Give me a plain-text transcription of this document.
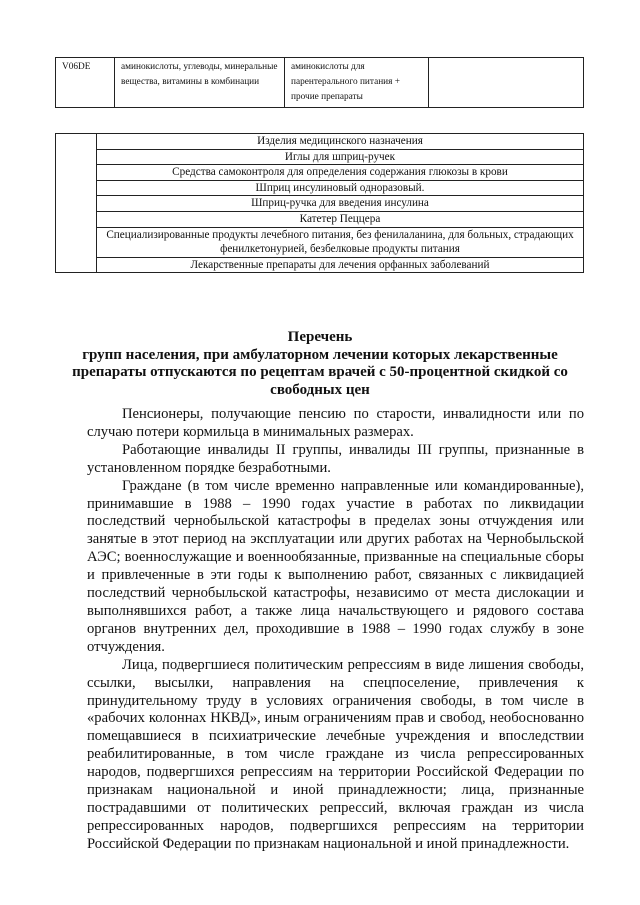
V06DE	аминокислоты, углеводы, минеральные вещества, витамины в комбинации	аминокислоты для парентерального питания + прочие препараты	
	Изделия медицинского назначения
Иглы для шприц-ручек
Средства самоконтроля для определения содержания глюкозы в крови
Шприц инсулиновый одноразовый.
Шприц-ручка для введения инсулина
Катетер Пеццера
Специализированные продукты лечебного питания, без фенилаланина, для больных, страдающих фенилкетонурией, безбелковые продукты питания
Лекарственные препараты для лечения орфанных заболеваний
Перечень
групп населения, при амбулаторном лечении которых лекарственные
препараты отпускаются по рецептам врачей с 50-процентной скидкой со
свободных цен

Пенсионеры, получающие пенсию по старости, инвалидности или по случаю потери кормильца в минимальных размерах.

Работающие инвалиды II группы, инвалиды III группы, признанные в установленном порядке безработными.

Граждане (в том числе временно направленные или командированные), принимавшие в 1988 – 1990 годах участие в работах по ликвидации последствий чернобыльской катастрофы в пределах зоны отчуждения или занятые в этот период на эксплуатации или других работах на Чернобыльской АЭС; военнослужащие и военнообязанные, призванные на специальные сборы и привлеченные в эти годы к выполнению работ, связанных с ликвидацией последствий чернобыльской катастрофы, независимо от места дислокации и выполнявшихся работ, а также лица начальствующего и рядового состава органов внутренних дел, проходившие в 1988 – 1990 годах службу в зоне отчуждения.

Лица, подвергшиеся политическим репрессиям в виде лишения свободы, ссылки, высылки, направления на спецпоселение, привлечения к принудительному труду в условиях ограничения свободы, в том числе в «рабочих колоннах НКВД», иным ограничениям прав и свобод, необоснованно помещавшиеся в психиатрические лечебные учреждения и впоследствии реабилитированные, в том числе граждане из числа репрессированных народов, подвергшихся репрессиям на территории Российской Федерации по признакам национальной и иной принадлежности; лица, признанные пострадавшими от политических репрессий, включая граждан из числа репрессированных народов, подвергшихся репрессиям на территории Российской Федерации по признакам национальной и иной принадлежности.
